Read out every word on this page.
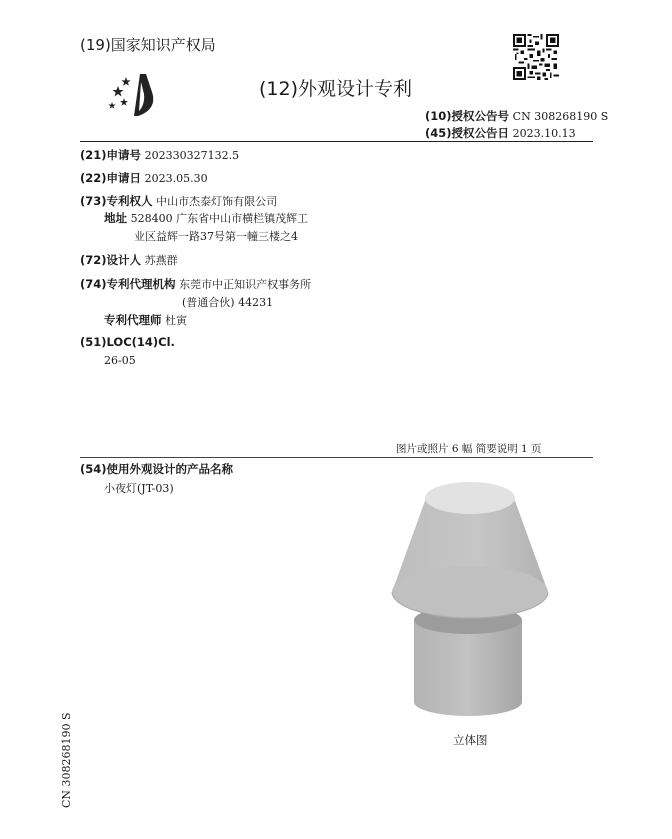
(19)国家知识产权局
(12)外观设计专利
(10)授权公告号 CN 308268190 S
(45)授权公告日 2023.10.13
(21)申请号 202330327132.5
(22)申请日 2023.05.30
(73)专利权人 中山市杰泰灯饰有限公司
地址 528400 广东省中山市横栏镇茂辉工
业区益辉一路37号第一幢三楼之4
(72)设计人 苏燕群
(74)专利代理机构 东莞市中正知识产权事务所
(普通合伙) 44231
专利代理师 杜寅
(51)LOC(14)Cl.
26-05
图片或照片 6 幅 简要说明 1 页
(54)使用外观设计的产品名称
小夜灯(JT-03)
立体图
CN 308268190 S
